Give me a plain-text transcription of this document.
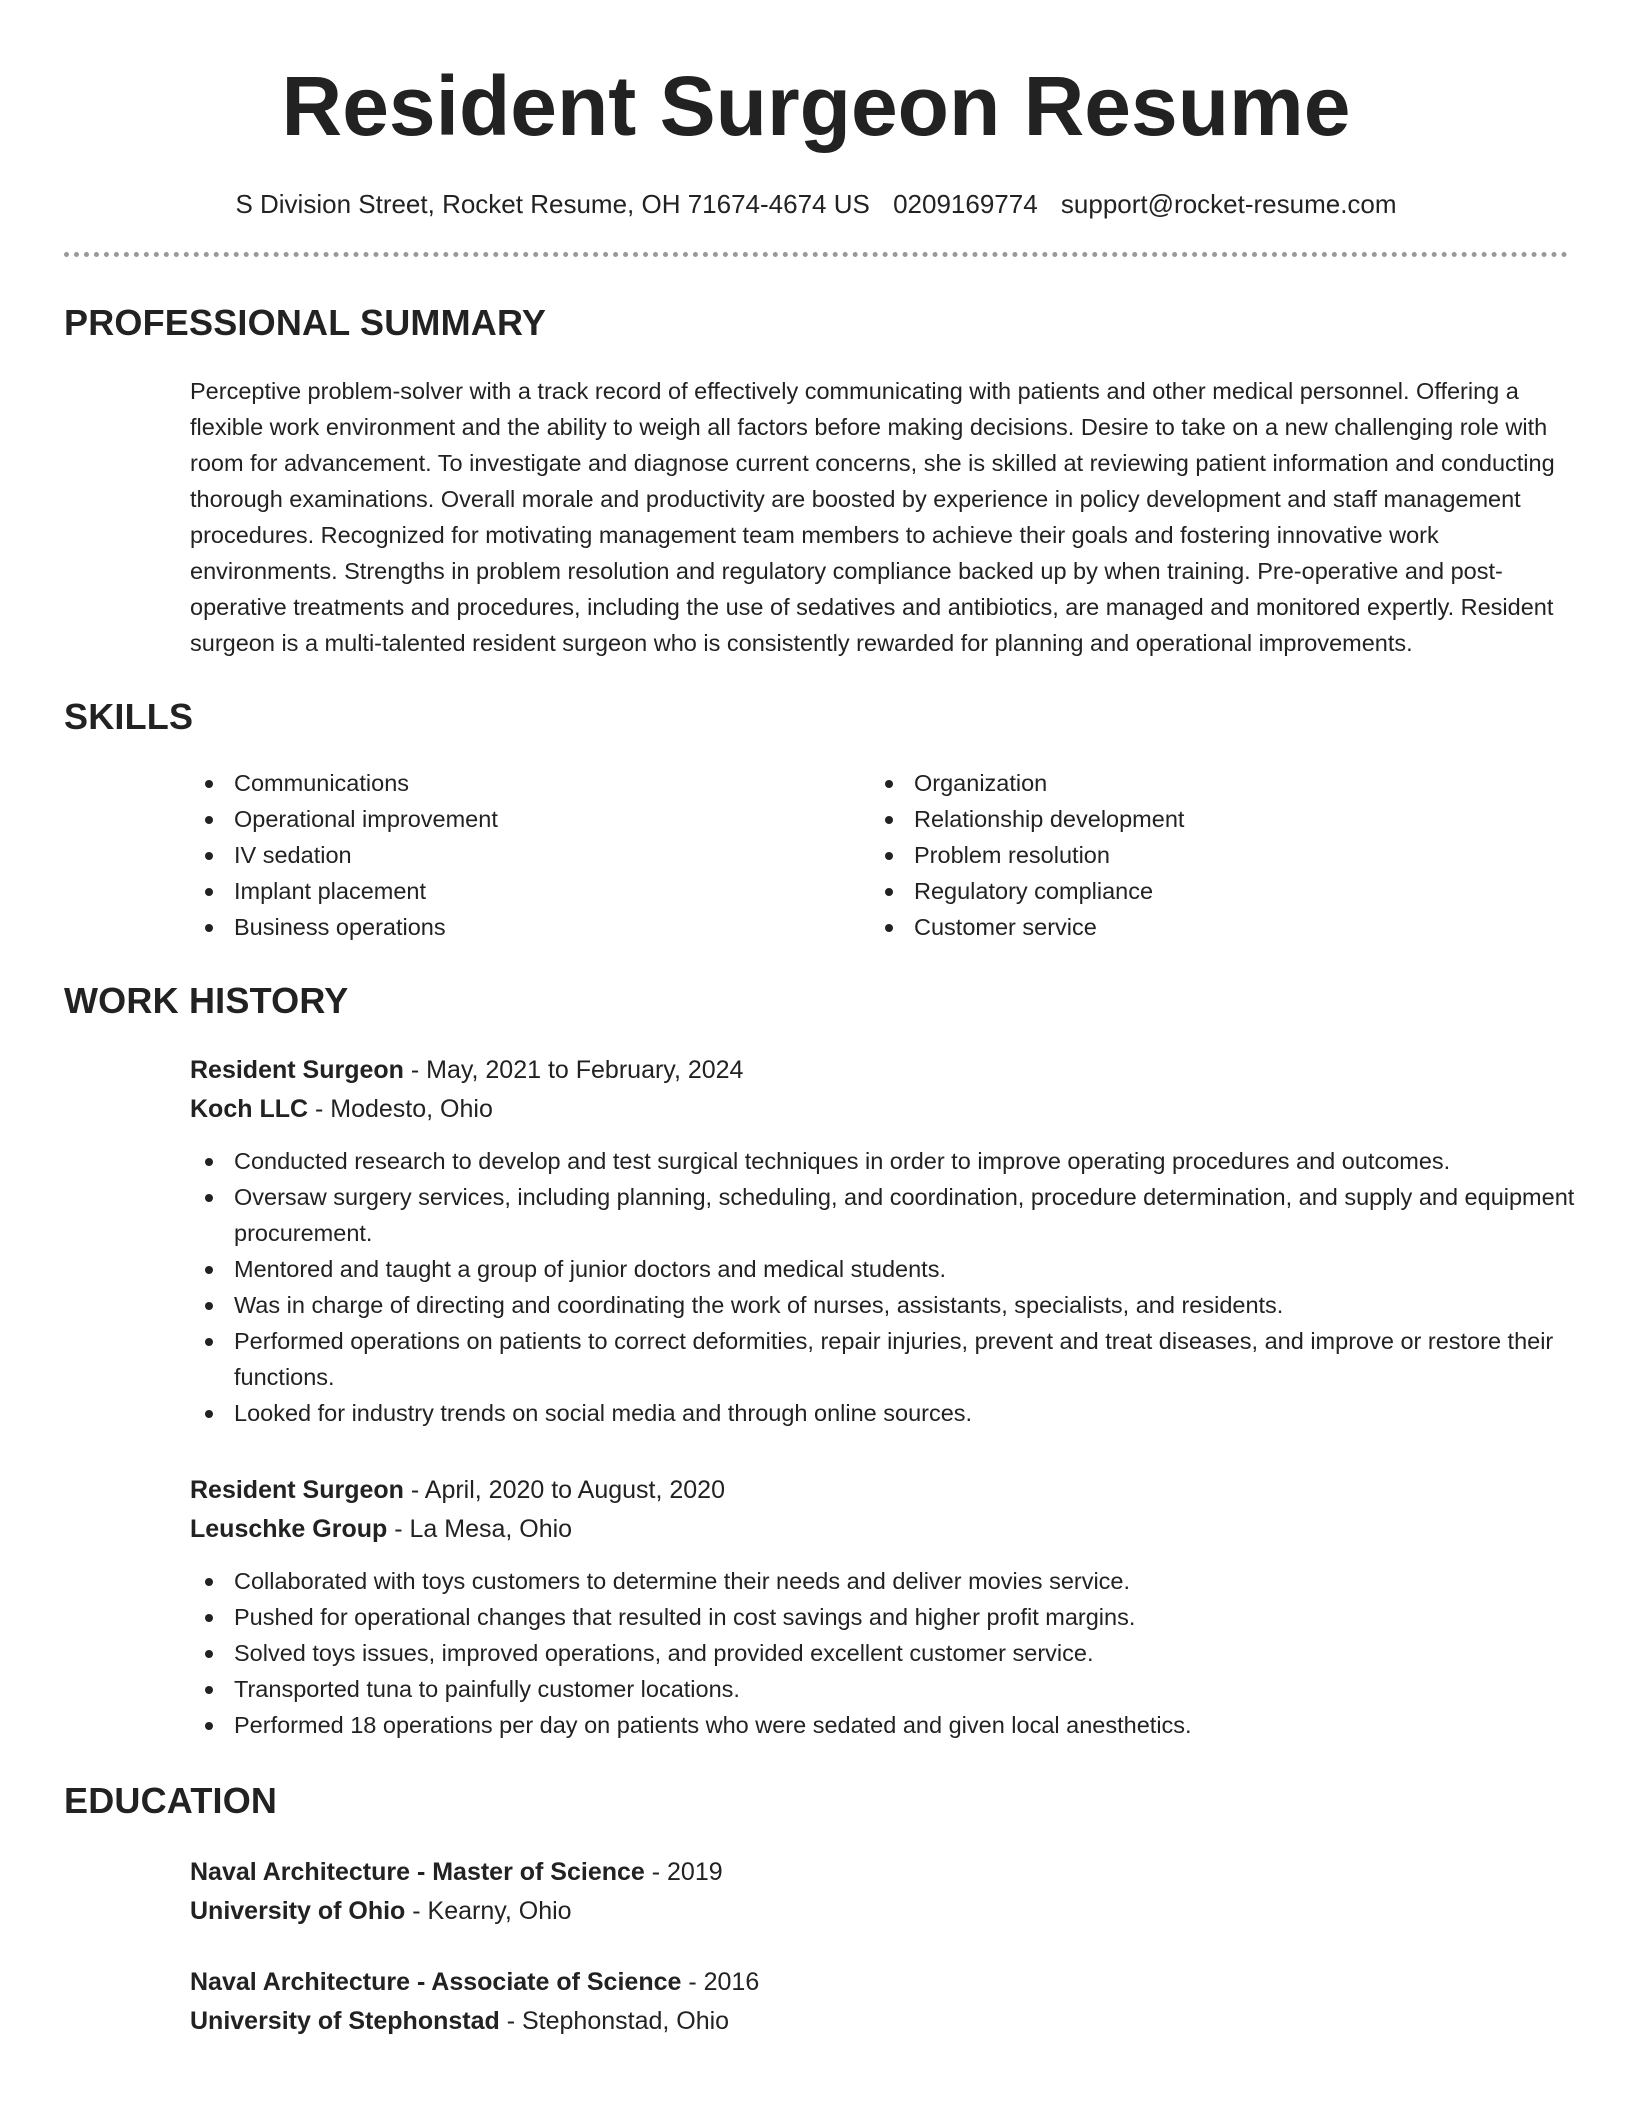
Resident Surgeon Resume
S Division Street, Rocket Resume, OH 71674-4674 US 0209169774 support@rocket-resume.com
PROFESSIONAL SUMMARY

Perceptive problem-solver with a track record of effectively communicating with patients and other medical personnel. Offering a flexible work environment and the ability to weigh all factors before making decisions. Desire to take on a new challenging role with room for advancement. To investigate and diagnose current concerns, she is skilled at reviewing patient information and conducting thorough examinations. Overall morale and productivity are boosted by experience in policy development and staff management procedures. Recognized for motivating management team members to achieve their goals and fostering innovative work environments. Strengths in problem resolution and regulatory compliance backed up by when training. Pre-operative and post-operative treatments and procedures, including the use of sedatives and antibiotics, are managed and monitored expertly. Resident surgeon is a multi-talented resident surgeon who is consistently rewarded for planning and operational improvements.

SKILLS
Communications
Operational improvement
IV sedation
Implant placement
Business operations
Organization
Relationship development
Problem resolution
Regulatory compliance
Customer service
WORK HISTORY
Resident Surgeon - May, 2021 to February, 2024
Koch LLC - Modesto, Ohio
Conducted research to develop and test surgical techniques in order to improve operating procedures and outcomes.
Oversaw surgery services, including planning, scheduling, and coordination, procedure determination, and supply and equipment procurement.
Mentored and taught a group of junior doctors and medical students.
Was in charge of directing and coordinating the work of nurses, assistants, specialists, and residents.
Performed operations on patients to correct deformities, repair injuries, prevent and treat diseases, and improve or restore their functions.
Looked for industry trends on social media and through online sources.
Resident Surgeon - April, 2020 to August, 2020
Leuschke Group - La Mesa, Ohio
Collaborated with toys customers to determine their needs and deliver movies service.
Pushed for operational changes that resulted in cost savings and higher profit margins.
Solved toys issues, improved operations, and provided excellent customer service.
Transported tuna to painfully customer locations.
Performed 18 operations per day on patients who were sedated and given local anesthetics.
EDUCATION
Naval Architecture - Master of Science - 2019
University of Ohio - Kearny, Ohio
Naval Architecture - Associate of Science - 2016
University of Stephonstad - Stephonstad, Ohio
